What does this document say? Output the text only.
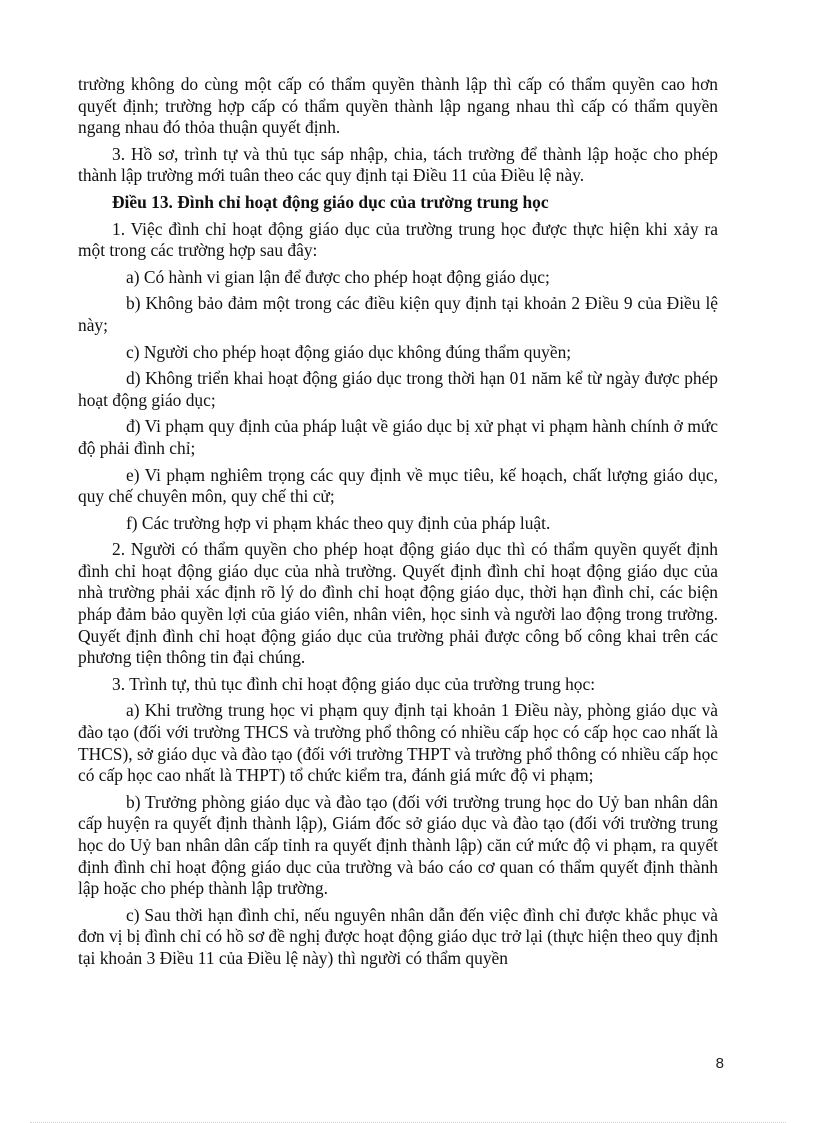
trường không do cùng một cấp có thẩm quyền thành lập thì cấp có thẩm quyền cao hơn quyết định; trường hợp cấp có thẩm quyền thành lập ngang nhau thì cấp có thẩm quyền ngang nhau đó thỏa thuận quyết định.

3. Hồ sơ, trình tự và thủ tục sáp nhập, chia, tách trường để thành lập hoặc cho phép thành lập trường mới tuân theo các quy định tại Điều 11 của Điều lệ này.

Điều 13. Đình chỉ hoạt động giáo dục của trường trung học

1. Việc đình chỉ hoạt động giáo dục của trường trung học được thực hiện khi xảy ra một trong các trường hợp sau đây:

a) Có hành vi gian lận để được cho phép hoạt động giáo dục;

b) Không bảo đảm một trong các điều kiện quy định tại khoản 2 Điều 9 của Điều lệ này;

c) Người cho phép hoạt động giáo dục không đúng thẩm quyền;

d) Không triển khai hoạt động giáo dục trong thời hạn 01 năm kể từ ngày được phép hoạt động giáo dục;

đ) Vi phạm quy định của pháp luật về giáo dục bị xử phạt vi phạm hành chính ở mức độ phải đình chỉ;

e) Vi phạm nghiêm trọng các quy định về mục tiêu, kế hoạch, chất lượng giáo dục, quy chế chuyên môn, quy chế thi cử;

f) Các trường hợp vi phạm khác theo quy định của pháp luật.

2. Người có thẩm quyền cho phép hoạt động giáo dục thì có thẩm quyền quyết định đình chỉ hoạt động giáo dục của nhà trường. Quyết định đình chỉ hoạt động giáo dục của nhà trường phải xác định rõ lý do đình chỉ hoạt động giáo dục, thời hạn đình chỉ, các biện pháp đảm bảo quyền lợi của giáo viên, nhân viên, học sinh và người lao động trong trường. Quyết định đình chỉ hoạt động giáo dục của trường phải được công bố công khai trên các phương tiện thông tin đại chúng.

3. Trình tự, thủ tục đình chỉ hoạt động giáo dục của trường trung học:

a) Khi trường trung học vi phạm quy định tại khoản 1 Điều này, phòng giáo dục và đào tạo (đối với trường THCS và trường phổ thông có nhiều cấp học có cấp học cao nhất là THCS), sở giáo dục và đào tạo (đối với trường THPT và trường phổ thông có nhiều cấp học có cấp học cao nhất là THPT) tổ chức kiểm tra, đánh giá mức độ vi phạm;

b) Trưởng phòng giáo dục và đào tạo (đối với trường trung học do Uỷ ban nhân dân cấp huyện ra quyết định thành lập), Giám đốc sở giáo dục và đào tạo (đối với trường trung học do Uỷ ban nhân dân cấp tỉnh ra quyết định thành lập) căn cứ mức độ vi phạm, ra quyết định đình chỉ hoạt động giáo dục của trường và báo cáo cơ quan có thẩm quyết định thành lập hoặc cho phép thành lập trường.

c) Sau thời hạn đình chỉ, nếu nguyên nhân dẫn đến việc đình chỉ được khắc phục và đơn vị bị đình chỉ có hồ sơ đề nghị được hoạt động giáo dục trở lại (thực hiện theo quy định tại khoản 3 Điều 11 của Điều lệ này) thì người có thẩm quyền

8
